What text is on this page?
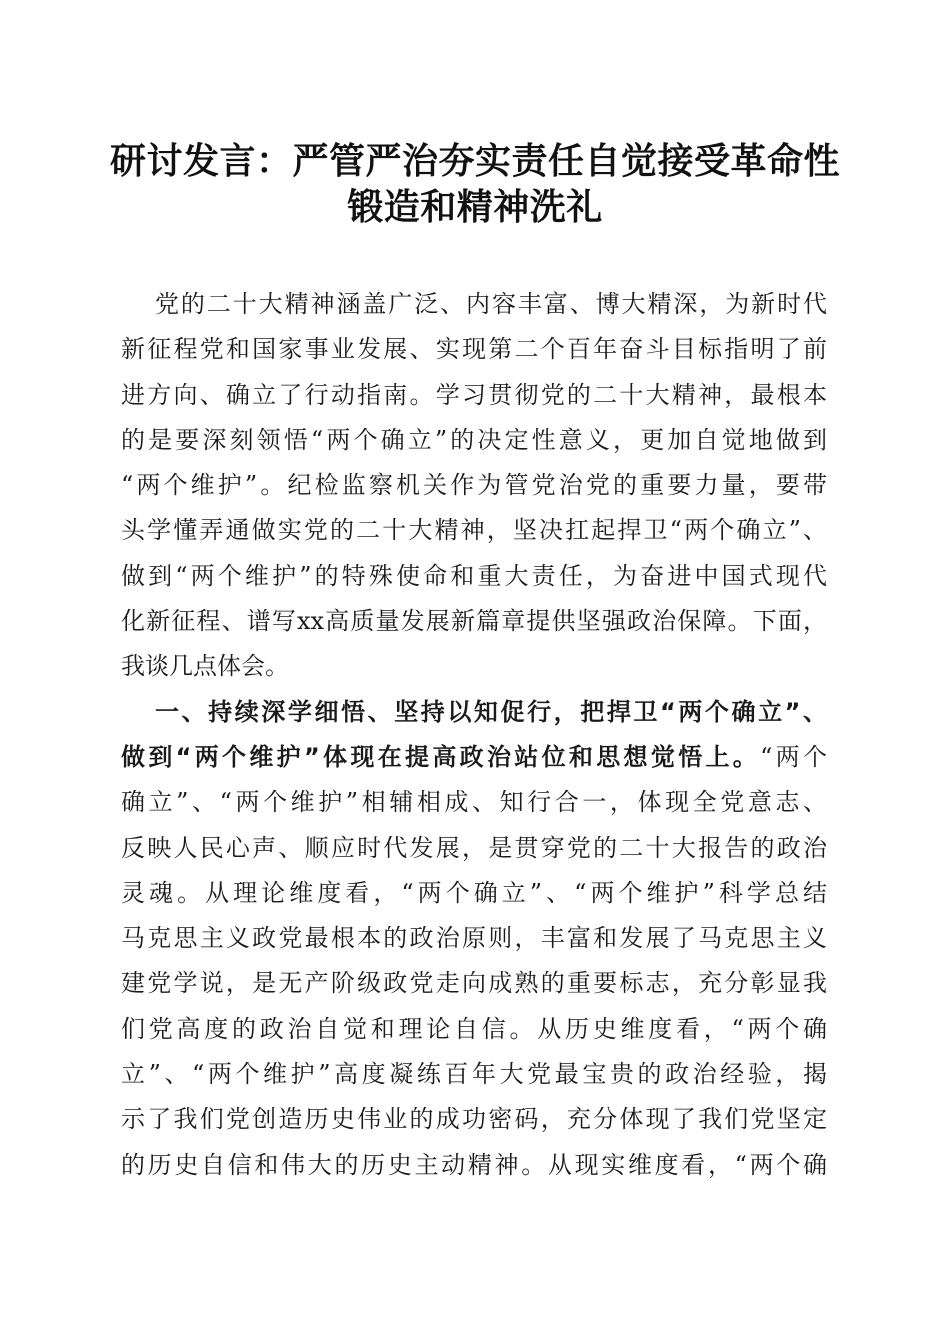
研讨发言：严管严治夯实责任自觉接受革命性
锻造和精神洗礼
党的二十大精神涵盖广泛、内容丰富、博大精深，为新时代
新征程党和国家事业发展、实现第二个百年奋斗目标指明了前
进方向、确立了行动指南。学习贯彻党的二十大精神，最根本
的是要深刻领悟“两个确立”的决定性意义，更加自觉地做到
“两个维护”。纪检监察机关作为管党治党的重要力量，要带
头学懂弄通做实党的二十大精神，坚决扛起捍卫“两个确立”、
做到“两个维护”的特殊使命和重大责任，为奋进中国式现代
化新征程、谱写xx高质量发展新篇章提供坚强政治保障。下面，
我谈几点体会。
一、持续深学细悟、坚持以知促行，把捍卫“两个确立”、
做到“两个维护”体现在提高政治站位和思想觉悟上。“两个
确立”、“两个维护”相辅相成、知行合一，体现全党意志、
反映人民心声、顺应时代发展，是贯穿党的二十大报告的政治
灵魂。从理论维度看，“两个确立”、“两个维护”科学总结
马克思主义政党最根本的政治原则，丰富和发展了马克思主义
建党学说，是无产阶级政党走向成熟的重要标志，充分彰显我
们党高度的政治自觉和理论自信。从历史维度看，“两个确
立”、“两个维护”高度凝练百年大党最宝贵的政治经验，揭
示了我们党创造历史伟业的成功密码，充分体现了我们党坚定
的历史自信和伟大的历史主动精神。从现实维度看，“两个确
